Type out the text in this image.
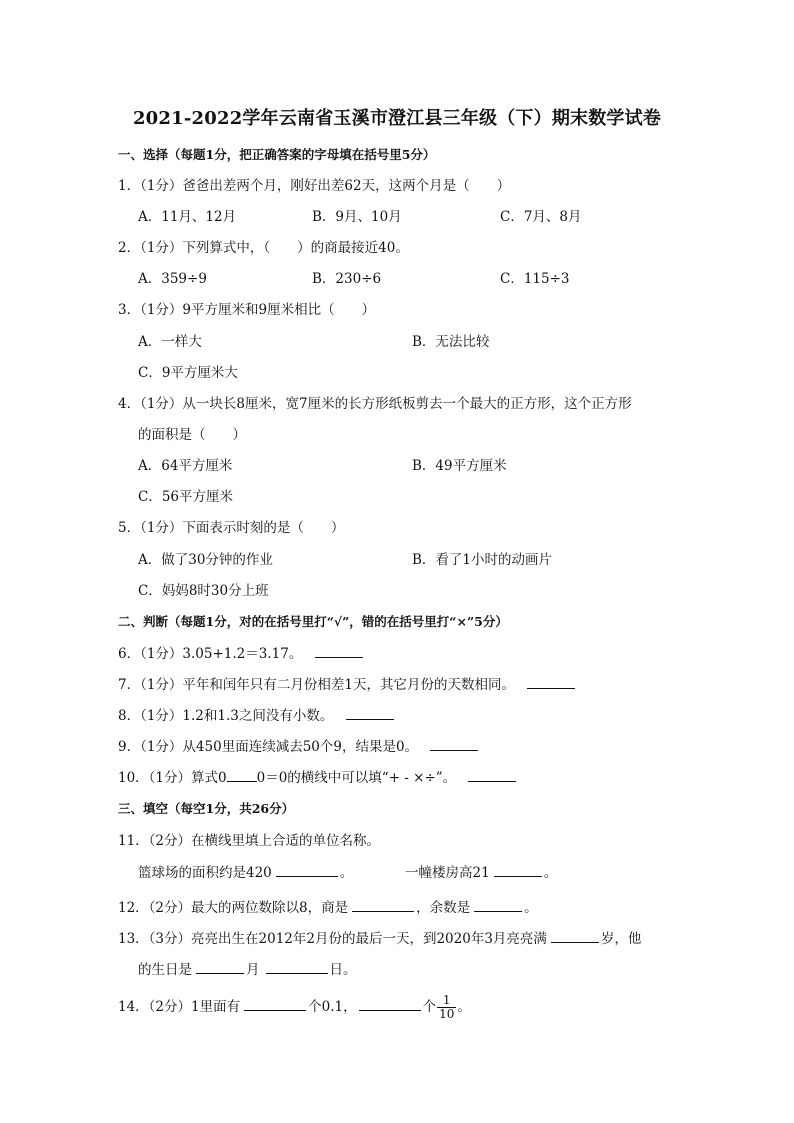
2021-2022学年云南省玉溪市澄江县三年级（下）期末数学试卷
一、选择（每题1分，把正确答案的字母填在括号里5分）
1．（1分）爸爸出差两个月，刚好出差62天，这两个月是（　　）
A．11月、12月	B．9月、10月	C．7月、8月
2．（1分）下列算式中，（　　）的商最接近40。
A．359÷9	B．230÷6	C．115÷3
3．（1分）9平方厘米和9厘米相比（　　）
A．一样大	B．无法比较
C．9平方厘米大
4．（1分）从一块长8厘米，宽7厘米的长方形纸板剪去一个最大的正方形，这个正方形
的面积是（　　）
A．64平方厘米	B．49平方厘米
C．56平方厘米
5．（1分）下面表示时刻的是（　　）
A．做了30分钟的作业	B．看了1小时的动画片
C．妈妈8时30分上班
二、判断（每题1分，对的在括号里打“√”，错的在括号里打“×”5分）
6．（1分）3.05+1.2＝3.17。
7．（1分）平年和闰年只有二月份相差1天，其它月份的天数相同。
8．（1分）1.2和1.3之间没有小数。
9．（1分）从450里面连续减去50个9，结果是0。
10．（1分）算式0 0＝0的横线中可以填“+ - ×÷”。
三、填空（每空1分，共26分）
11．（2分）在横线里填上合适的单位名称。
篮球场的面积约是420	。	一幢楼房高21	。
12．（2分）最大的两位数除以8，商是	，余数是	。
13．（3分）亮亮出生在2012年2月份的最后一天，到2020年3月亮亮满	岁，他
的生日是	月	日。
14．（2分）1里面有	个0.1，	个 $\frac{1}{10}$ 。
